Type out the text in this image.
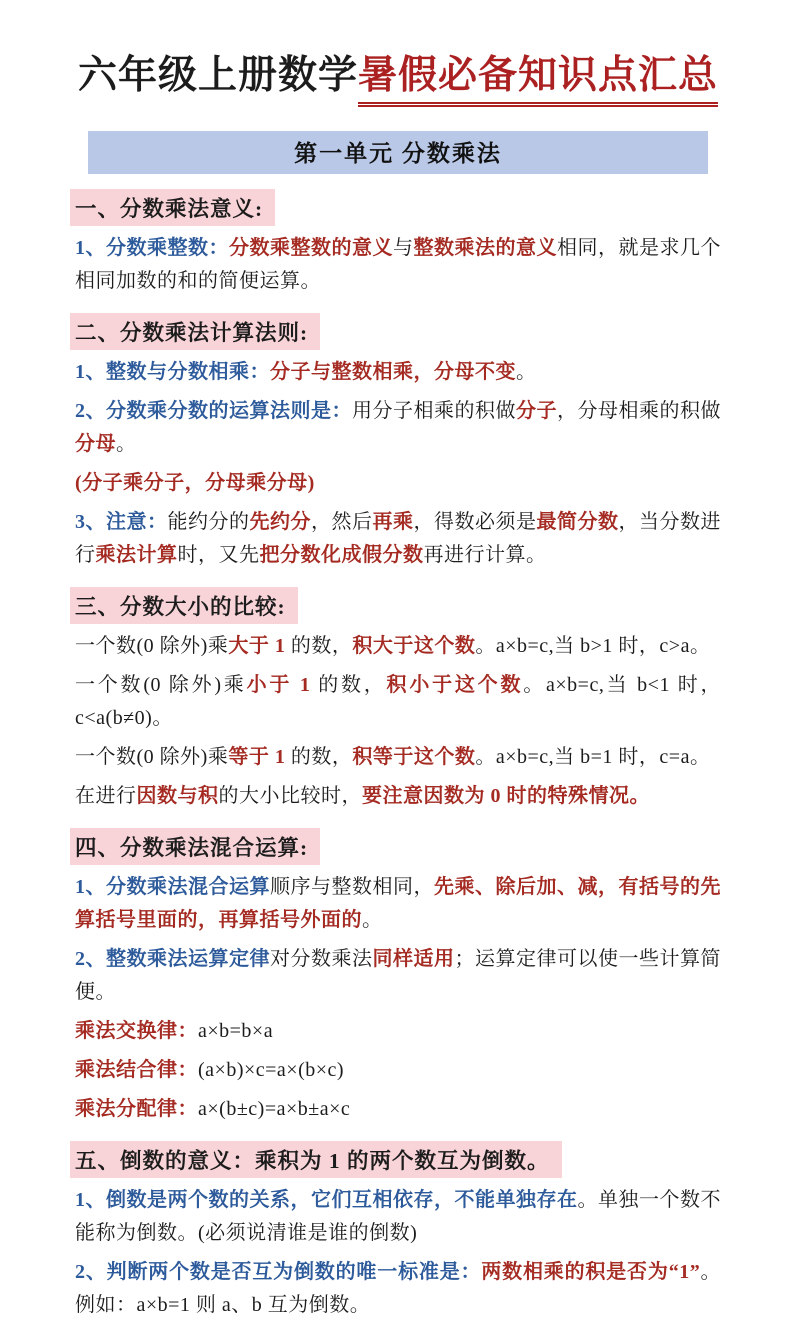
六年级上册数学暑假必备知识点汇总
第一单元 分数乘法
一、分数乘法意义:

1、分数乘整数：分数乘整数的意义与整数乘法的意义相同，就是求几个相同加数的和的简便运算。

二、分数乘法计算法则:

1、整数与分数相乘：分子与整数相乘，分母不变。

2、分数乘分数的运算法则是：用分子相乘的积做分子，分母相乘的积做分母。

(分子乘分子，分母乘分母)

3、注意：能约分的先约分，然后再乘，得数必须是最简分数，当分数进行乘法计算时，又先把分数化成假分数再进行计算。

三、分数大小的比较:

一个数(0 除外)乘大于 1 的数，积大于这个数。a×b=c,当 b>1 时，c>a。

一个数(0 除外)乘小于 1 的数，积小于这个数。a×b=c,当 b<1 时，c<a(b≠0)。

一个数(0 除外)乘等于 1 的数，积等于这个数。a×b=c,当 b=1 时，c=a。

在进行因数与积的大小比较时，要注意因数为 0 时的特殊情况。

四、分数乘法混合运算:

1、分数乘法混合运算顺序与整数相同，先乘、除后加、减，有括号的先算括号里面的，再算括号外面的。

2、整数乘法运算定律对分数乘法同样适用；运算定律可以使一些计算简便。

乘法交换律：a×b=b×a

乘法结合律：(a×b)×c=a×(b×c)

乘法分配律：a×(b±c)=a×b±a×c

五、倒数的意义：乘积为 1 的两个数互为倒数。

1、倒数是两个数的关系，它们互相依存，不能单独存在。单独一个数不能称为倒数。(必须说清谁是谁的倒数)

2、判断两个数是否互为倒数的唯一标准是：两数相乘的积是否为“1”。例如：a×b=1 则 a、b 互为倒数。
